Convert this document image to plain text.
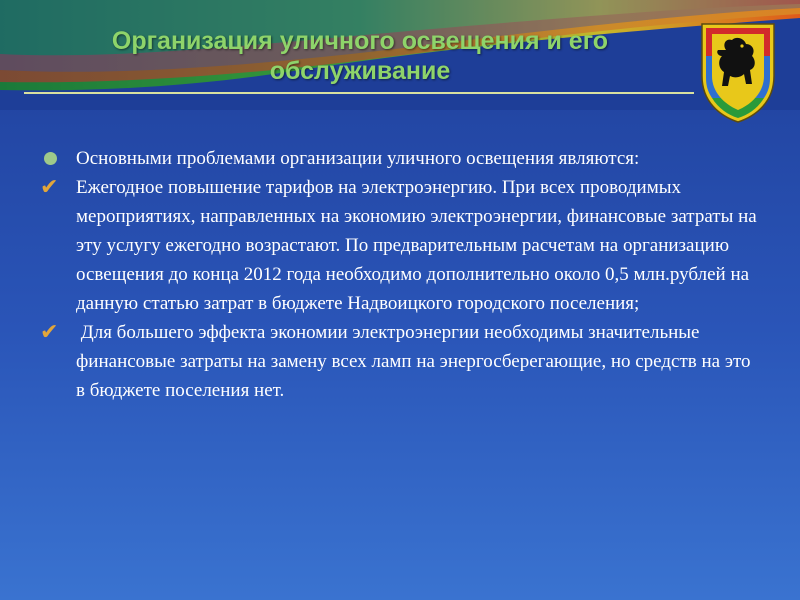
Организация уличного освещения и его обслуживание
Основными проблемами организации уличного освещения являются:
✔ Ежегодное повышение тарифов на электроэнергию. При всех проводимых мероприятиях, направленных на экономию электроэнергии, финансовые затраты на эту услугу ежегодно возрастают. По предварительным расчетам на организацию освещения до конца 2012 года необходимо дополнительно около 0,5 млн.рублей на данную статью затрат в бюджете Надвоицкого городского поселения;
✔ Для большего эффекта экономии электроэнергии необходимы значительные финансовые затраты на замену всех ламп на энергосберегающие, но средств на это в бюджете поселения нет.
